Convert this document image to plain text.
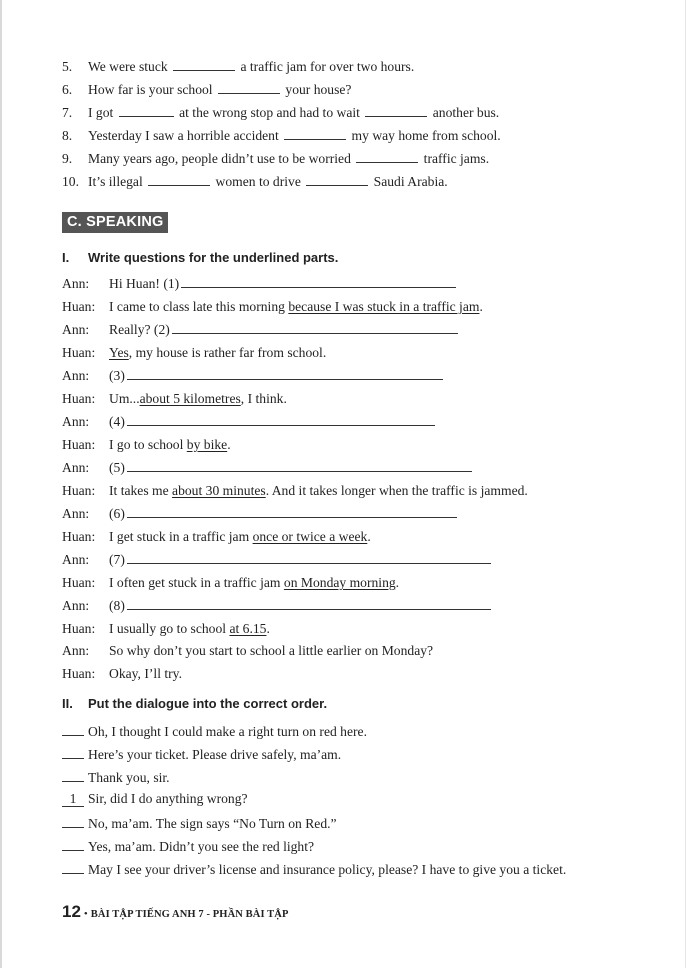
5. We were stuck	a traffic jam for over two hours.
6. How far is your school	your house?
7. I got	at the wrong stop and had to wait	another bus.
8. Yesterday I saw a horrible accident	my way home from school.
9. Many years ago, people didn’t use to be worried	traffic jams.
10. It’s illegal	women to drive	Saudi Arabia.
C. SPEAKING
I. Write questions for the underlined parts.
Ann: Hi Huan! (1)
Huan: I came to class late this morning because I was stuck in a traffic jam.
Ann: Really? (2)
Huan: Yes, my house is rather far from school.
Ann: (3)
Huan: Um...about 5 kilometres, I think.
Ann: (4)
Huan: I go to school by bike.
Ann: (5)
Huan: It takes me about 30 minutes. And it takes longer when the traffic is jammed.
Ann: (6)
Huan: I get stuck in a traffic jam once or twice a week.
Ann: (7)
Huan: I often get stuck in a traffic jam on Monday morning.
Ann: (8)
Huan: I usually go to school at 6.15.
Ann: So why don’t you start to school a little earlier on Monday?
Huan: Okay, I’ll try.
II. Put the dialogue into the correct order.
Oh, I thought I could make a right turn on red here.
Here’s your ticket. Please drive safely, ma’am.
Thank you, sir.
1 Sir, did I do anything wrong?
No, ma’am. The sign says “No Turn on Red.”
Yes, ma’am. Didn’t you see the red light?
May I see your driver’s license and insurance policy, please? I have to give you a ticket.
12 • BÀI TẬP TIẾNG ANH 7 - PHẦN BÀI TẬP
